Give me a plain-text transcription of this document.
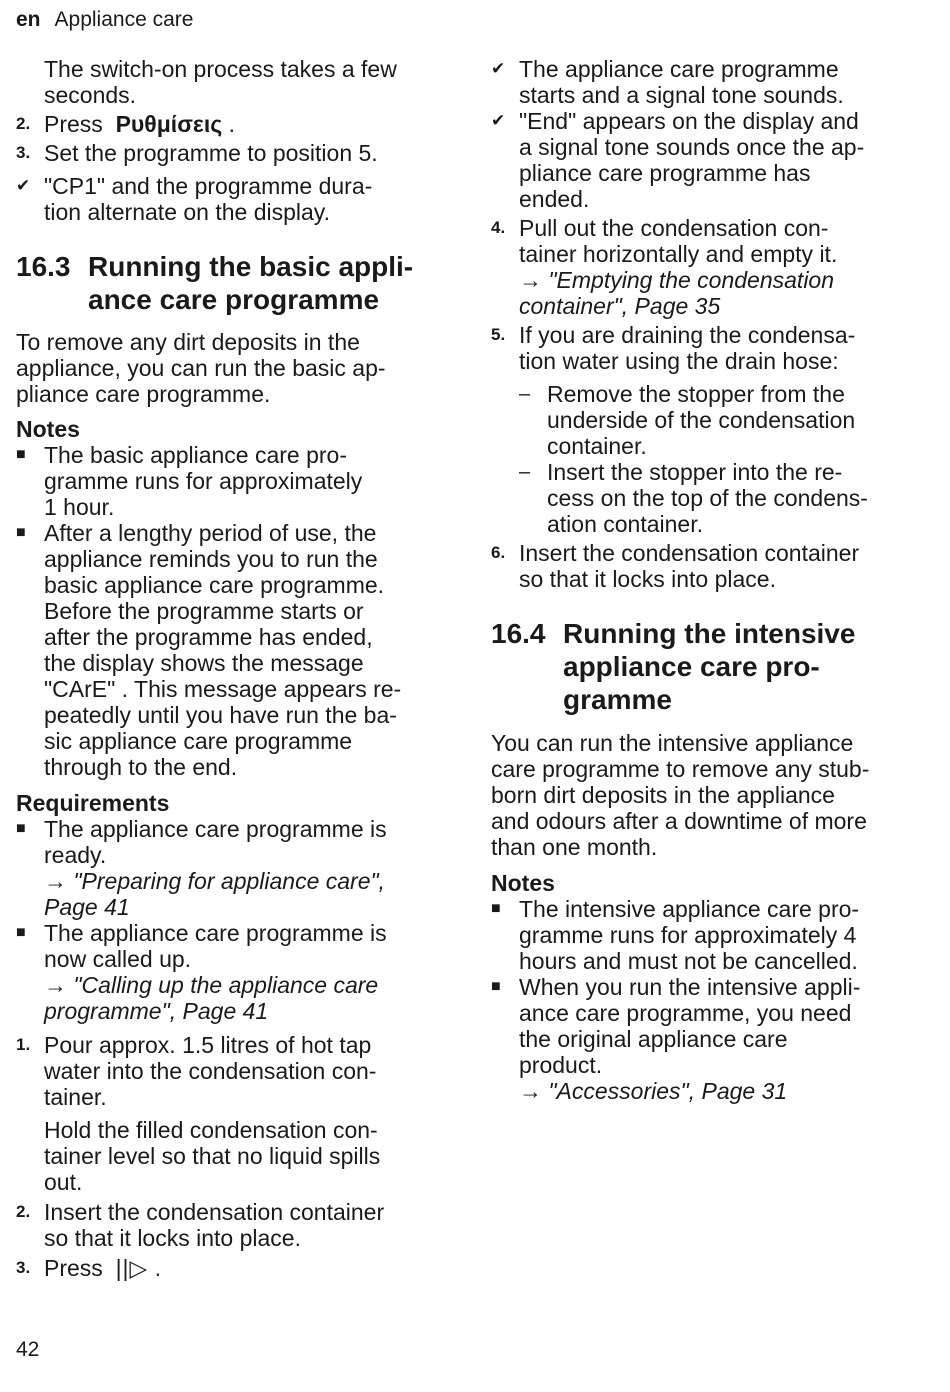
en Appliance care
The switch-on process takes a few
seconds.
2. Press Ρυθμίσεις .
3. Set the programme to position 5.
✔ "CP1" and the programme dura-
tion alternate on the display.
16.3 Running the basic appli-
ance care programme
To remove any dirt deposits in the
appliance, you can run the basic ap-
pliance care programme.
Notes
■ The basic appliance care pro-
gramme runs for approximately
1 hour.
■ After a lengthy period of use, the
appliance reminds you to run the
basic appliance care programme.
Before the programme starts or
after the programme has ended,
the display shows the message
"CArE" . This message appears re-
peatedly until you have run the ba-
sic appliance care programme
through to the end.
Requirements
■ The appliance care programme is
ready.
→ "Preparing for appliance care",
Page 41
■ The appliance care programme is
now called up.
→ "Calling up the appliance care
programme", Page 41
1. Pour approx. 1.5 litres of hot tap
water into the condensation con-
tainer.
Hold the filled condensation con-
tainer level so that no liquid spills
out.
2. Insert the condensation container
so that it locks into place.
3. Press ||▷ .
✔ The appliance care programme
starts and a signal tone sounds.
✔ "End" appears on the display and
a signal tone sounds once the ap-
pliance care programme has
ended.
4. Pull out the condensation con-
tainer horizontally and empty it.
→ "Emptying the condensation
container", Page 35
5. If you are draining the condensa-
tion water using the drain hose:
– Remove the stopper from the
underside of the condensation
container.
– Insert the stopper into the re-
cess on the top of the condens-
ation container.
6. Insert the condensation container
so that it locks into place.
16.4 Running the intensive
appliance care pro-
gramme
You can run the intensive appliance
care programme to remove any stub-
born dirt deposits in the appliance
and odours after a downtime of more
than one month.
Notes
■ The intensive appliance care pro-
gramme runs for approximately 4
hours and must not be cancelled.
■ When you run the intensive appli-
ance care programme, you need
the original appliance care
product.
→ "Accessories", Page 31
42
